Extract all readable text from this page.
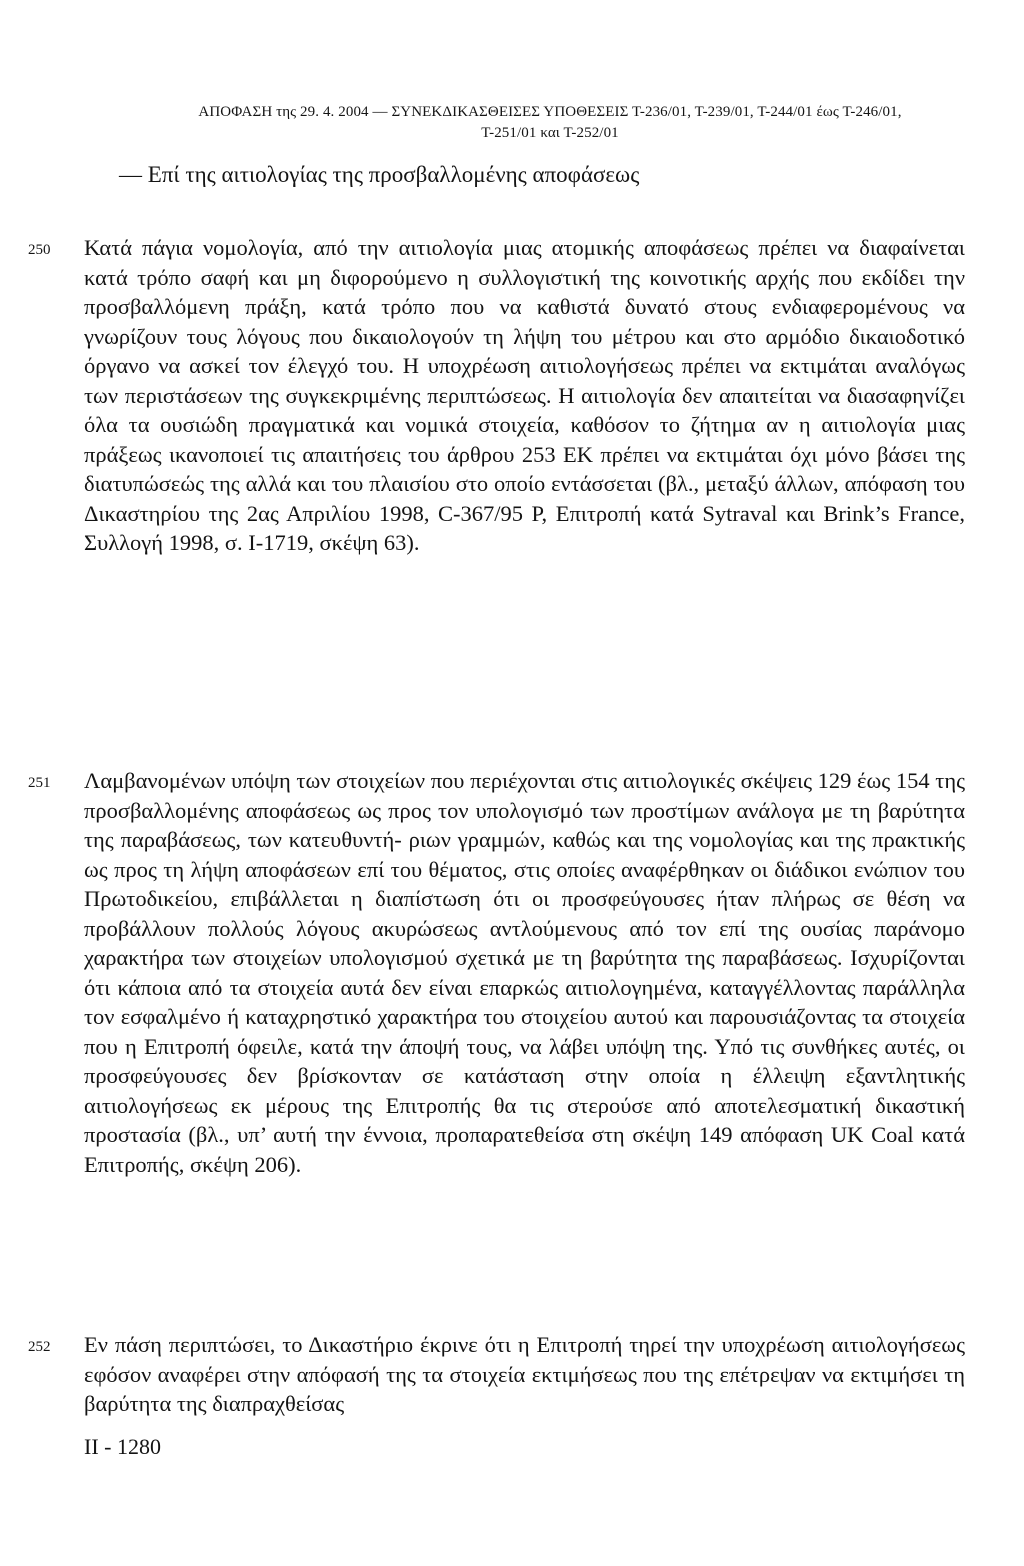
ΑΠΟΦΑΣΗ της 29. 4. 2004 — ΣΥΝΕΚΔΙΚΑΣΘΕΙΣΕΣ ΥΠΟΘΕΣΕΙΣ Τ-236/01, Τ-239/01, Τ-244/01 έως Τ-246/01,
Τ-251/01 και Τ-252/01
— Επί της αιτιολογίας της προσβαλλομένης αποφάσεως
250 Κατά πάγια νομολογία, από την αιτιολογία μιας ατομικής αποφάσεως πρέπει να διαφαίνεται κατά τρόπο σαφή και μη διφορούμενο η συλλογιστική της κοινοτικής αρχής που εκδίδει την προσβαλλόμενη πράξη, κατά τρόπο που να καθιστά δυνατό στους ενδιαφερομένους να γνωρίζουν τους λόγους που δικαιολογούν τη λήψη του μέτρου και στο αρμόδιο δικαιοδοτικό όργανο να ασκεί τον έλεγχό του. Η υποχρέωση αιτιολογήσεως πρέπει να εκτιμάται αναλόγως των περιστάσεων της συγκεκριμένης περιπτώσεως. Η αιτιολογία δεν απαιτείται να διασαφηνίζει όλα τα ουσιώδη πραγματικά και νομικά στοιχεία, καθόσον το ζήτημα αν η αιτιολογία μιας πράξεως ικανοποιεί τις απαιτήσεις του άρθρου 253 ΕΚ πρέπει να εκτιμάται όχι μόνο βάσει της διατυπώσεώς της αλλά και του πλαισίου στο οποίο εντάσσεται (βλ., μεταξύ άλλων, απόφαση του Δικαστηρίου της 2ας Απριλίου 1998, C-367/95 P, Επιτροπή κατά Sytraval και Brink’s France, Συλλογή 1998, σ. I-1719, σκέψη 63).
251 Λαμβανομένων υπόψη των στοιχείων που περιέχονται στις αιτιολογικές σκέψεις 129 έως 154 της προσβαλλομένης αποφάσεως ως προς τον υπολογισμό των προστίμων ανάλογα με τη βαρύτητα της παραβάσεως, των κατευθυντή- ριων γραμμών, καθώς και της νομολογίας και της πρακτικής ως προς τη λήψη αποφάσεων επί του θέματος, στις οποίες αναφέρθηκαν οι διάδικοι ενώπιον του Πρωτοδικείου, επιβάλλεται η διαπίστωση ότι οι προσφεύγουσες ήταν πλήρως σε θέση να προβάλλουν πολλούς λόγους ακυρώσεως αντλούμενους από τον επί της ουσίας παράνομο χαρακτήρα των στοιχείων υπολογισμού σχετικά με τη βαρύτητα της παραβάσεως. Ισχυρίζονται ότι κάποια από τα στοιχεία αυτά δεν είναι επαρκώς αιτιολογημένα, καταγγέλλοντας παράλληλα τον εσφαλμένο ή καταχρηστικό χαρακτήρα του στοιχείου αυτού και παρουσιάζοντας τα στοιχεία που η Επιτροπή όφειλε, κατά την άποψή τους, να λάβει υπόψη της. Υπό τις συνθήκες αυτές, οι προσφεύγουσες δεν βρίσκονταν σε κατάσταση στην οποία η έλλειψη εξαντλητικής αιτιολογήσεως εκ μέρους της Επιτροπής θα τις στερούσε από αποτελεσματική δικαστική προστασία (βλ., υπ’ αυτή την έννοια, προπαρατεθείσα στη σκέψη 149 απόφαση UK Coal κατά Επιτροπής, σκέψη 206).
252 Εν πάση περιπτώσει, το Δικαστήριο έκρινε ότι η Επιτροπή τηρεί την υποχρέωση αιτιολογήσεως εφόσον αναφέρει στην απόφασή της τα στοιχεία εκτιμήσεως που της επέτρεψαν να εκτιμήσει τη βαρύτητα της διαπραχθείσας
II - 1280
